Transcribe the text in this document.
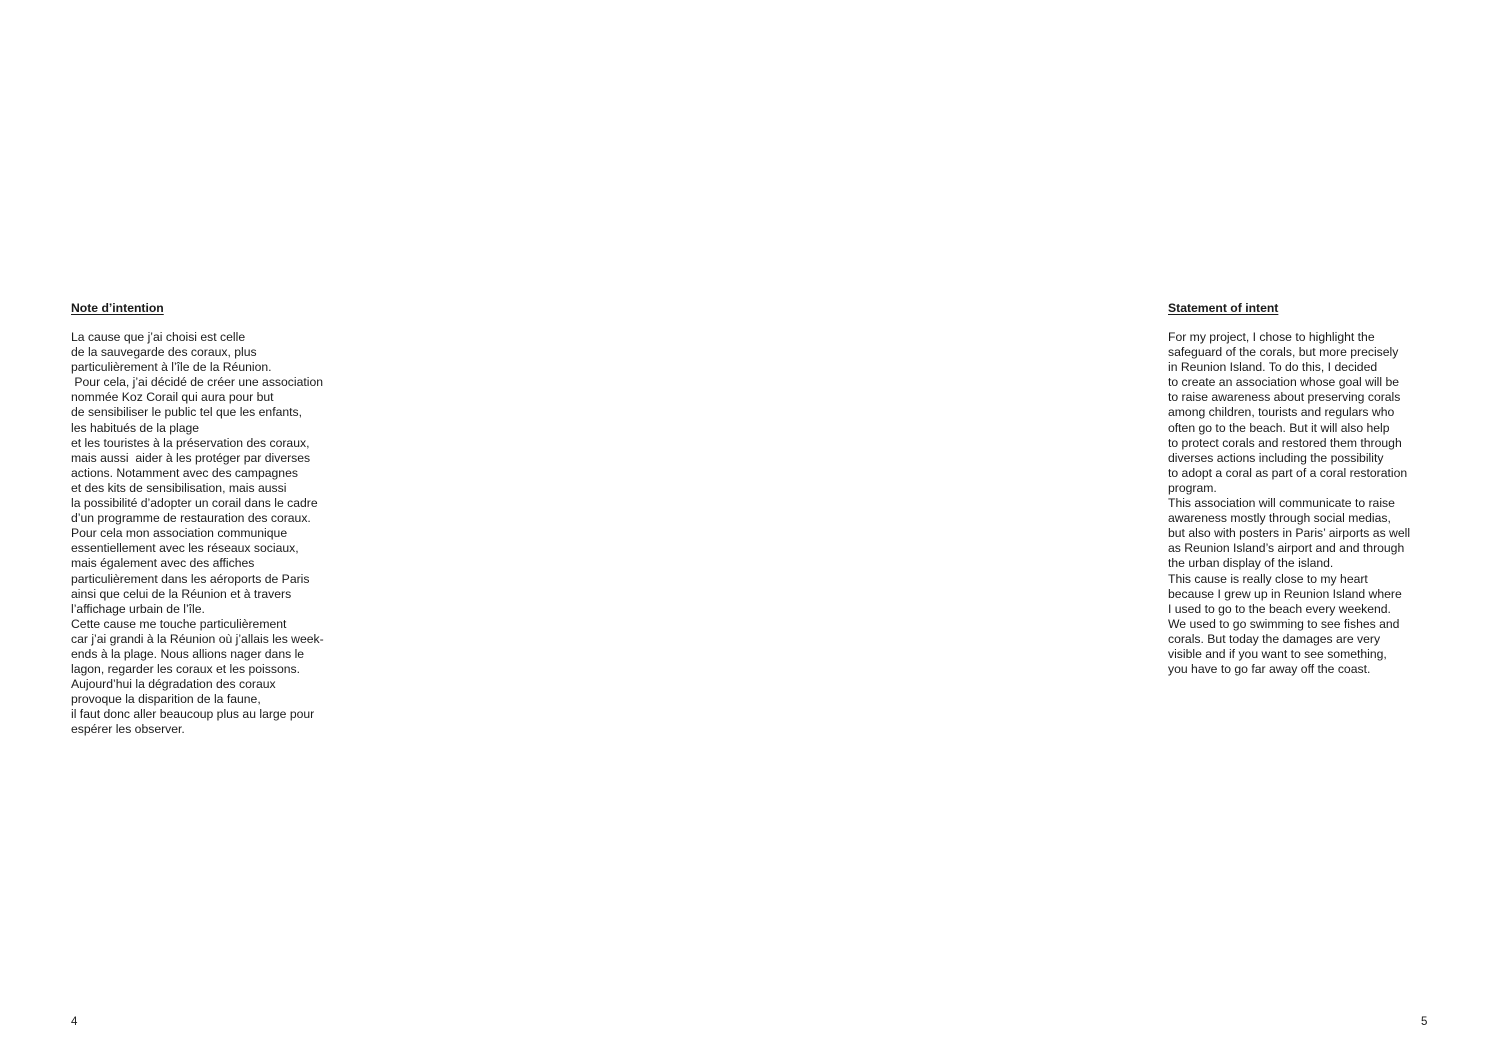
Note d’intention
La cause que j’ai choisi est celle
de la sauvegarde des coraux, plus
particulièrement à l’île de la Réunion.
Pour cela, j’ai décidé de créer une association
nommée Koz Corail qui aura pour but
de sensibiliser le public tel que les enfants,
les habitués de la plage
et les touristes à la préservation des coraux,
mais aussi  aider à les protéger par diverses
actions. Notamment avec des campagnes
et des kits de sensibilisation, mais aussi
la possibilité d’adopter un corail dans le cadre
d’un programme de restauration des coraux.
Pour cela mon association communique
essentiellement avec les réseaux sociaux,
mais également avec des affiches
particulièrement dans les aéroports de Paris
ainsi que celui de la Réunion et à travers
l’affichage urbain de l’île.
Cette cause me touche particulièrement
car j’ai grandi à la Réunion où j’allais les week-
ends à la plage. Nous allions nager dans le
lagon, regarder les coraux et les poissons.
Aujourd’hui la dégradation des coraux
provoque la disparition de la faune,
il faut donc aller beaucoup plus au large pour
espérer les observer.
Statement of intent
For my project, I chose to highlight the
safeguard of the corals, but more precisely
in Reunion Island. To do this, I decided
to create an association whose goal will be
to raise awareness about preserving corals
among children, tourists and regulars who
often go to the beach. But it will also help
to protect corals and restored them through
diverses actions including the possibility
to adopt a coral as part of a coral restoration
program.
This association will communicate to raise
awareness mostly through social medias,
but also with posters in Paris’ airports as well
as Reunion Island’s airport and and through
the urban display of the island.
This cause is really close to my heart
because I grew up in Reunion Island where
I used to go to the beach every weekend.
We used to go swimming to see fishes and
corals. But today the damages are very
visible and if you want to see something,
you have to go far away off the coast.
4	5
